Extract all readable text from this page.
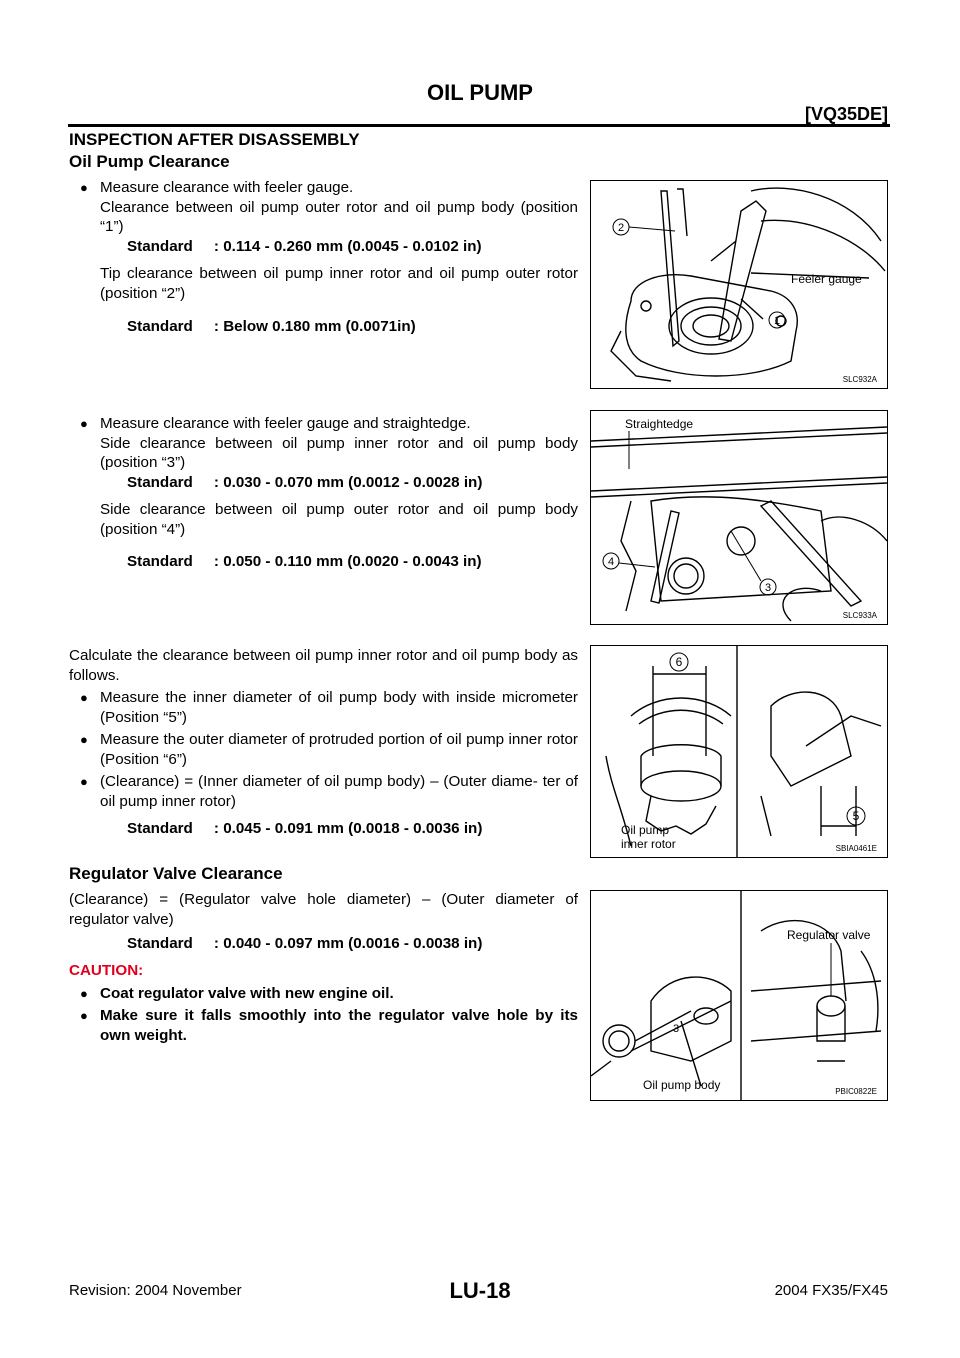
OIL PUMP
[VQ35DE]
INSPECTION AFTER DISASSEMBLY
Oil Pump Clearance
● Measure clearance with feeler gauge.
Clearance between oil pump outer rotor and oil pump body (position “1”)
Standard     : 0.114 - 0.260 mm (0.0045 - 0.0102 in)
Tip clearance between oil pump inner rotor and oil pump outer rotor (position “2”)
Standard     : Below 0.180 mm (0.0071in)
● Measure clearance with feeler gauge and straightedge.
Side clearance between oil pump inner rotor and oil pump body (position “3”)
Standard     : 0.030 - 0.070 mm (0.0012 - 0.0028 in)
Side clearance between oil pump outer rotor and oil pump body (position “4”)
Standard     : 0.050 - 0.110 mm (0.0020 - 0.0043 in)
Calculate the clearance between oil pump inner rotor and oil pump body as follows.
● Measure the inner diameter of oil pump body with inside micrometer (Position “5”)
● Measure the outer diameter of protruded portion of oil pump inner rotor (Position “6”)
● (Clearance) = (Inner diameter of oil pump body) – (Outer diame- ter of oil pump inner rotor)
Standard     : 0.045 - 0.091 mm (0.0018 - 0.0036 in)
Regulator Valve Clearance
(Clearance) = (Regulator valve hole diameter) – (Outer diameter of regulator valve)
Standard     : 0.040 - 0.097 mm (0.0016 - 0.0038 in)
CAUTION:
● Coat regulator valve with new engine oil.
● Make sure it falls smoothly into the regulator valve hole by its own weight.
2
1
Feeler gauge
SLC932A
Straightedge
4
3
SLC933A
6
5
Oil pump
inner rotor	SBIA0461E
Regulator valve
Oil pump body
3
PBIC0822E
Revision: 2004 November	LU-18	2004 FX35/FX45
